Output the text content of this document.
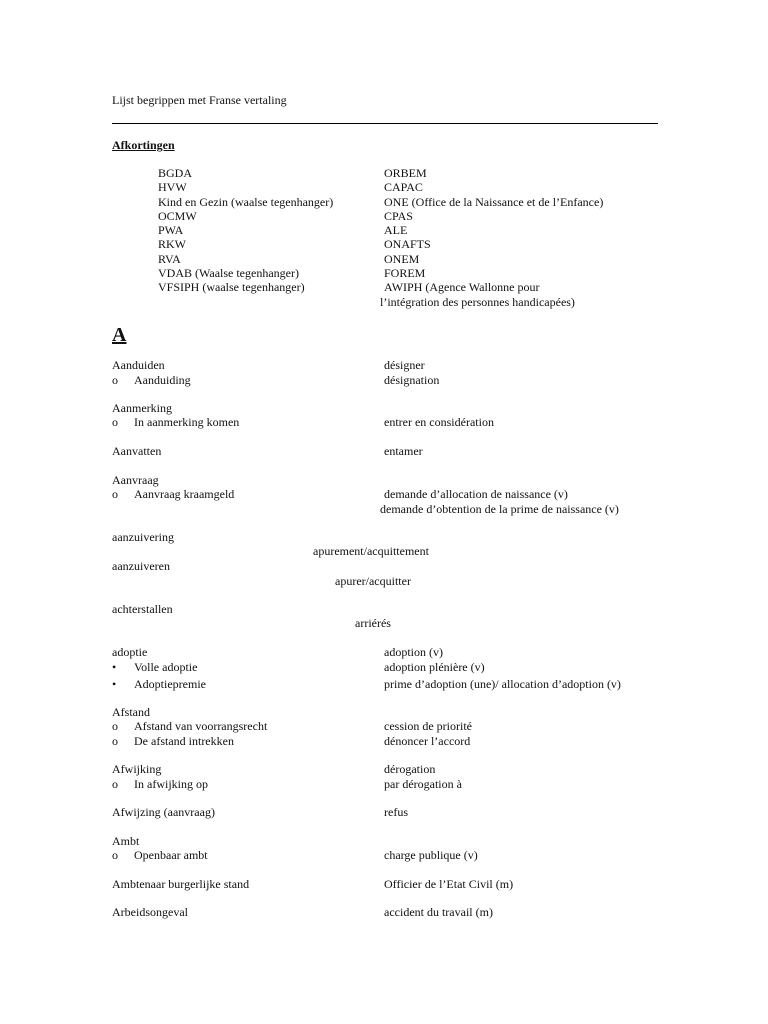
Lijst begrippen met Franse vertaling
Afkortingen
BGDA	ORBEM
HVW	CAPAC
Kind en Gezin (waalse tegenhanger)	ONE (Office de la Naissance et de l’Enfance)
OCMW	CPAS
PWA	ALE
RKW	ONAFTS
RVA	ONEM
VDAB (Waalse tegenhanger)	FOREM
VFSIPH (waalse tegenhanger)	AWIPH (Agence Wallonne pour
l’intégration des personnes handicapées)
A
Aanduiden	désigner
o Aanduiding	désignation
Aanmerking
o In aanmerking komen	entrer en considération
Aanvatten	entamer
Aanvraag
o Aanvraag kraamgeld	demande d’allocation de naissance (v)
demande d’obtention de la prime de naissance (v)
aanzuivering
apurement/acquittement
aanzuiveren
apurer/acquitter
achterstallen
arriérés
adoptie	adoption (v)
• Volle adoptie	adoption plénière (v)
• Adoptiepremie	prime d’adoption (une)/ allocation d’adoption (v)
Afstand
o Afstand van voorrangsrecht	cession de priorité
o De afstand intrekken	dénoncer l’accord
Afwijking	dérogation
o In afwijking op	par dérogation à
Afwijzing (aanvraag)	refus
Ambt
o Openbaar ambt	charge publique (v)
Ambtenaar burgerlijke stand	Officier de l’Etat Civil (m)
Arbeidsongeval	accident du travail (m)
